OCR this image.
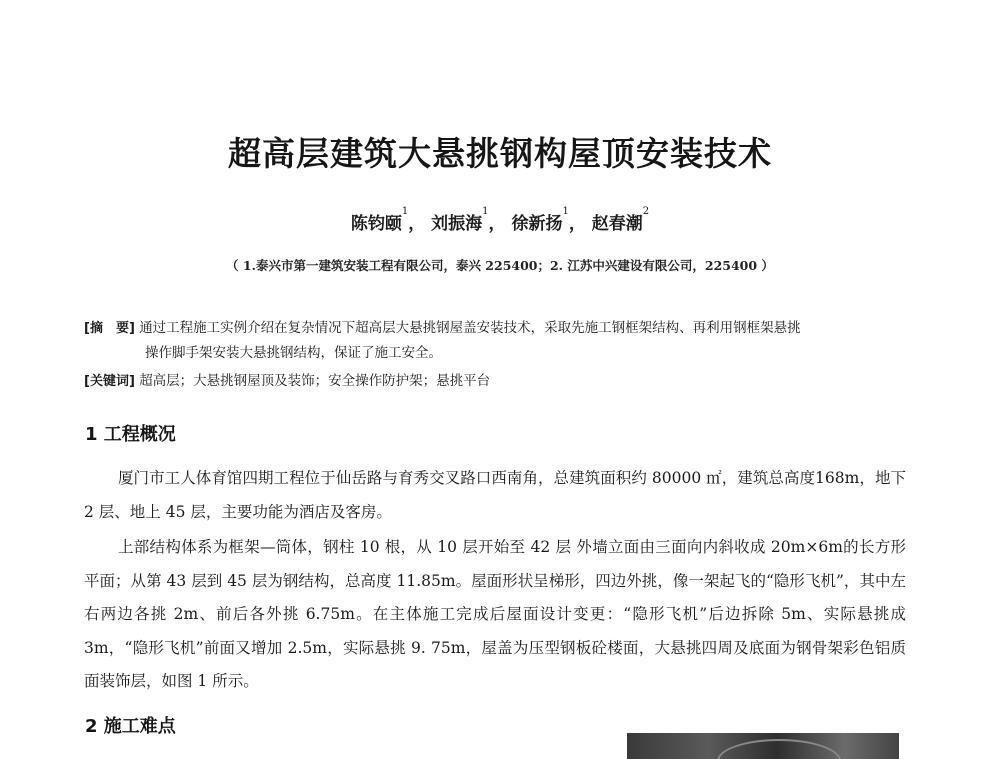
超高层建筑大悬挑钢构屋顶安装技术
陈钧颐$^1$， 刘振海$^1$， 徐新扬$^1$， 赵春潮$^2$
（ 1.泰兴市第一建筑安装工程有限公司，泰兴 225400；2. 江苏中兴建设有限公司，225400 ）
[摘　要] 通过工程施工实例介绍在复杂情况下超高层大悬挑钢屋盖安装技术，采取先施工钢框架结构、再利用钢框架悬挑
操作脚手架安装大悬挑钢结构，保证了施工安全。
[关键词] 超高层；大悬挑钢屋顶及装饰；安全操作防护架；悬挑平台
1 工程概况

厦门市工人体育馆四期工程位于仙岳路与育秀交叉路口西南角，总建筑面积约 80000 ㎡，建筑总高度168m，地下 2 层、地上 45 层，主要功能为酒店及客房。

上部结构体系为框架—筒体，钢柱 10 根，从 10 层开始至 42 层 外墙立面由三面向内斜收成 20m×6m的长方形平面；从第 43 层到 45 层为钢结构，总高度 11.85m。屋面形状呈梯形，四边外挑，像一架起飞的“隐形飞机”，其中左右两边各挑 2m、前后各外挑 6.75m。在主体施工完成后屋面设计变更：“隐形飞机”后边拆除 5m、实际悬挑成 3m，“隐形飞机”前面又增加 2.5m，实际悬挑 9. 75m，屋盖为压型钢板砼楼面，大悬挑四周及底面为钢骨架彩色铝质面装饰层，如图 1 所示。

2 施工难点
